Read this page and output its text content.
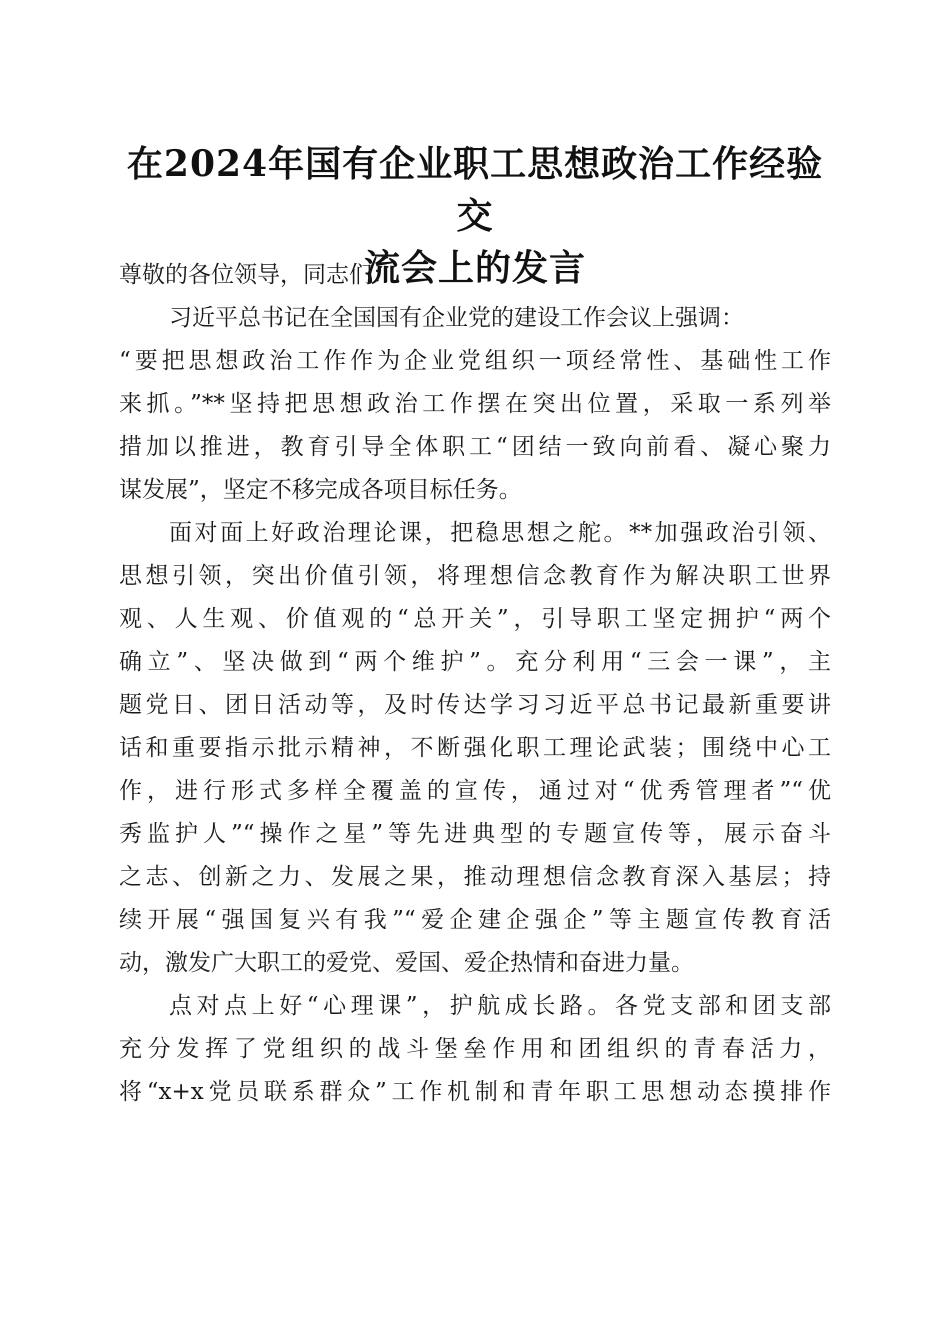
在2024年国有企业职工思想政治工作经验交
流会上的发言
尊敬的各位领导，同志们：
习近平总书记在全国国有企业党的建设工作会议上强调：
“要把思想政治工作作为企业党组织一项经常性、基础性工作
来抓。”**坚持把思想政治工作摆在突出位置，采取一系列举
措加以推进，教育引导全体职工“团结一致向前看、凝心聚力
谋发展”，坚定不移完成各项目标任务。
面对面上好政治理论课，把稳思想之舵。**加强政治引领、
思想引领，突出价值引领，将理想信念教育作为解决职工世界
观、人生观、价值观的“总开关”，引导职工坚定拥护“两个
确立”、坚决做到“两个维护”。充分利用“三会一课”，主
题党日、团日活动等，及时传达学习习近平总书记最新重要讲
话和重要指示批示精神，不断强化职工理论武装；围绕中心工
作，进行形式多样全覆盖的宣传，通过对“优秀管理者”“优
秀监护人”“操作之星”等先进典型的专题宣传等，展示奋斗
之志、创新之力、发展之果，推动理想信念教育深入基层；持
续开展“强国复兴有我”“爱企建企强企”等主题宣传教育活
动，激发广大职工的爱党、爱国、爱企热情和奋进力量。
点对点上好“心理课”，护航成长路。各党支部和团支部
充分发挥了党组织的战斗堡垒作用和团组织的青春活力，
将“x+x党员联系群众”工作机制和青年职工思想动态摸排作
